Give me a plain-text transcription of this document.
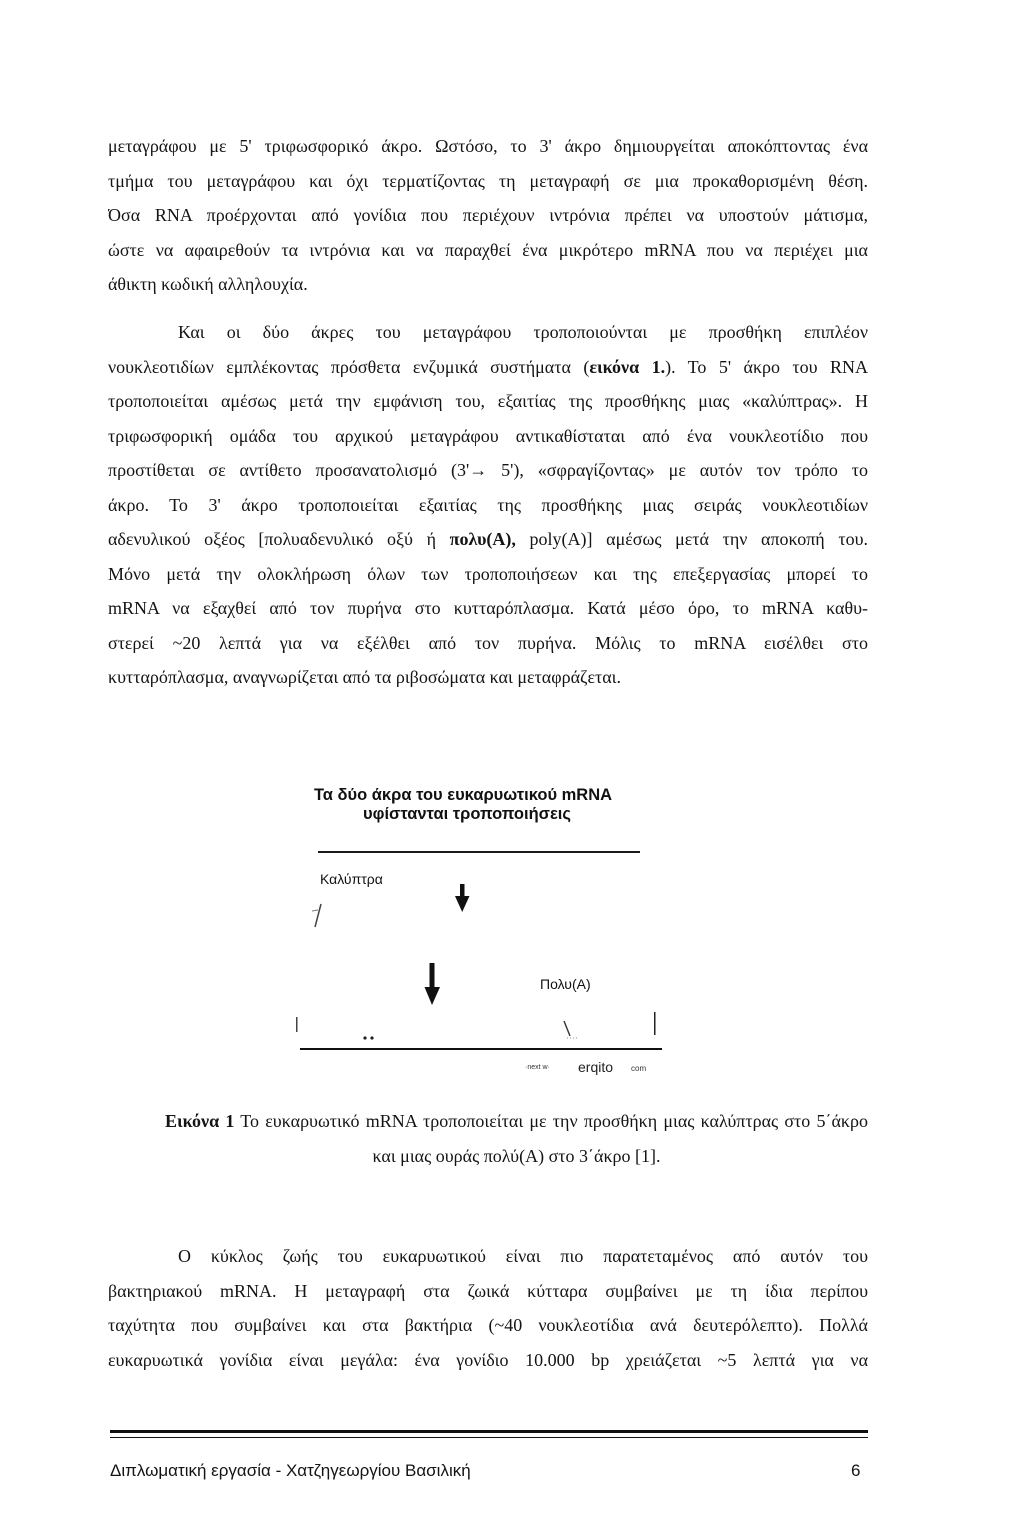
μεταγράφου με 5' τριφωσφορικό άκρο. Ωστόσο, το 3' άκρο δημιουργείται αποκόπτοντας ένα
τμήμα του μεταγράφου και όχι τερματίζοντας τη μεταγραφή σε μια προκαθορισμένη θέση.
Όσα RNA προέρχονται από γονίδια που περιέχουν ιντρόνια πρέπει να υποστούν μάτισμα,
ώστε να αφαιρεθούν τα ιντρόνια και να παραχθεί ένα μικρότερο mRNA που να περιέχει μια
άθικτη κωδική αλληλουχία.
Και οι δύο άκρες του μεταγράφου τροποποιούνται με προσθήκη επιπλέον
νουκλεοτιδίων εμπλέκοντας πρόσθετα ενζυμικά συστήματα (εικόνα 1.). Το 5' άκρο του RNA
τροποποιείται αμέσως μετά την εμφάνιση του, εξαιτίας της προσθήκης μιας «καλύπτρας». Η
τριφωσφορική ομάδα του αρχικού μεταγράφου αντικαθίσταται από ένα νουκλεοτίδιο που
προστίθεται σε αντίθετο προσανατολισμό (3'→ 5'), «σφραγίζοντας» με αυτόν τον τρόπο το
άκρο. Το 3' άκρο τροποποιείται εξαιτίας της προσθήκης μιας σειράς νουκλεοτιδίων
αδενυλικού οξέος [πολυαδενυλικό οξύ ή πολυ(A), poly(A)] αμέσως μετά την αποκοπή του.
Μόνο μετά την ολοκλήρωση όλων των τροποποιήσεων και της επεξεργασίας μπορεί το
mRNA να εξαχθεί από τον πυρήνα στο κυτταρόπλασμα. Κατά μέσο όρο, το mRNA καθυ-
στερεί ~20 λεπτά για να εξέλθει από τον πυρήνα. Μόλις το mRNA εισέλθει στο
κυτταρόπλασμα, αναγνωρίζεται από τα ριβοσώματα και μεταφράζεται.
Τα δύο άκρα του ευκαρυωτικού mRNA
υφίστανται τροποποιήσεις
Καλύπτρα
Πολυ(A)
·next w· erqito com
Εικόνα 1 Το ευκαρυωτικό mRNA τροποποιείται με την προσθήκη μιας καλύπτρας στο 5΄άκρο
και μιας ουράς πολύ(A) στο 3΄άκρο [1].
Ο κύκλος ζωής του ευκαρυωτικού είναι πιο παρατεταμένος από αυτόν του
βακτηριακού mRNA. Η μεταγραφή στα ζωικά κύτταρα συμβαίνει με τη ίδια περίπου
ταχύτητα που συμβαίνει και στα βακτήρια (~40 νουκλεοτίδια ανά δευτερόλεπτο). Πολλά
ευκαρυωτικά γονίδια είναι μεγάλα: ένα γονίδιο 10.000 bp χρειάζεται ~5 λεπτά για να
Διπλωματική εργασία - Χατζηγεωργίου Βασιλική	6
